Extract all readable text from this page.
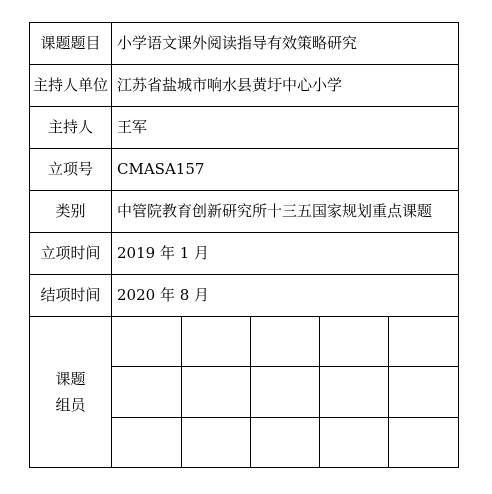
课题题目	小学语文课外阅读指导有效策略研究
主持人单位	江苏省盐城市响水县黄圩中心小学
主持人	王军
立项号	CMASA157
类别	中管院教育创新研究所十三五国家规划重点课题
立项时间	2019 年 1 月
结项时间	2020 年 8 月

课题
组员
